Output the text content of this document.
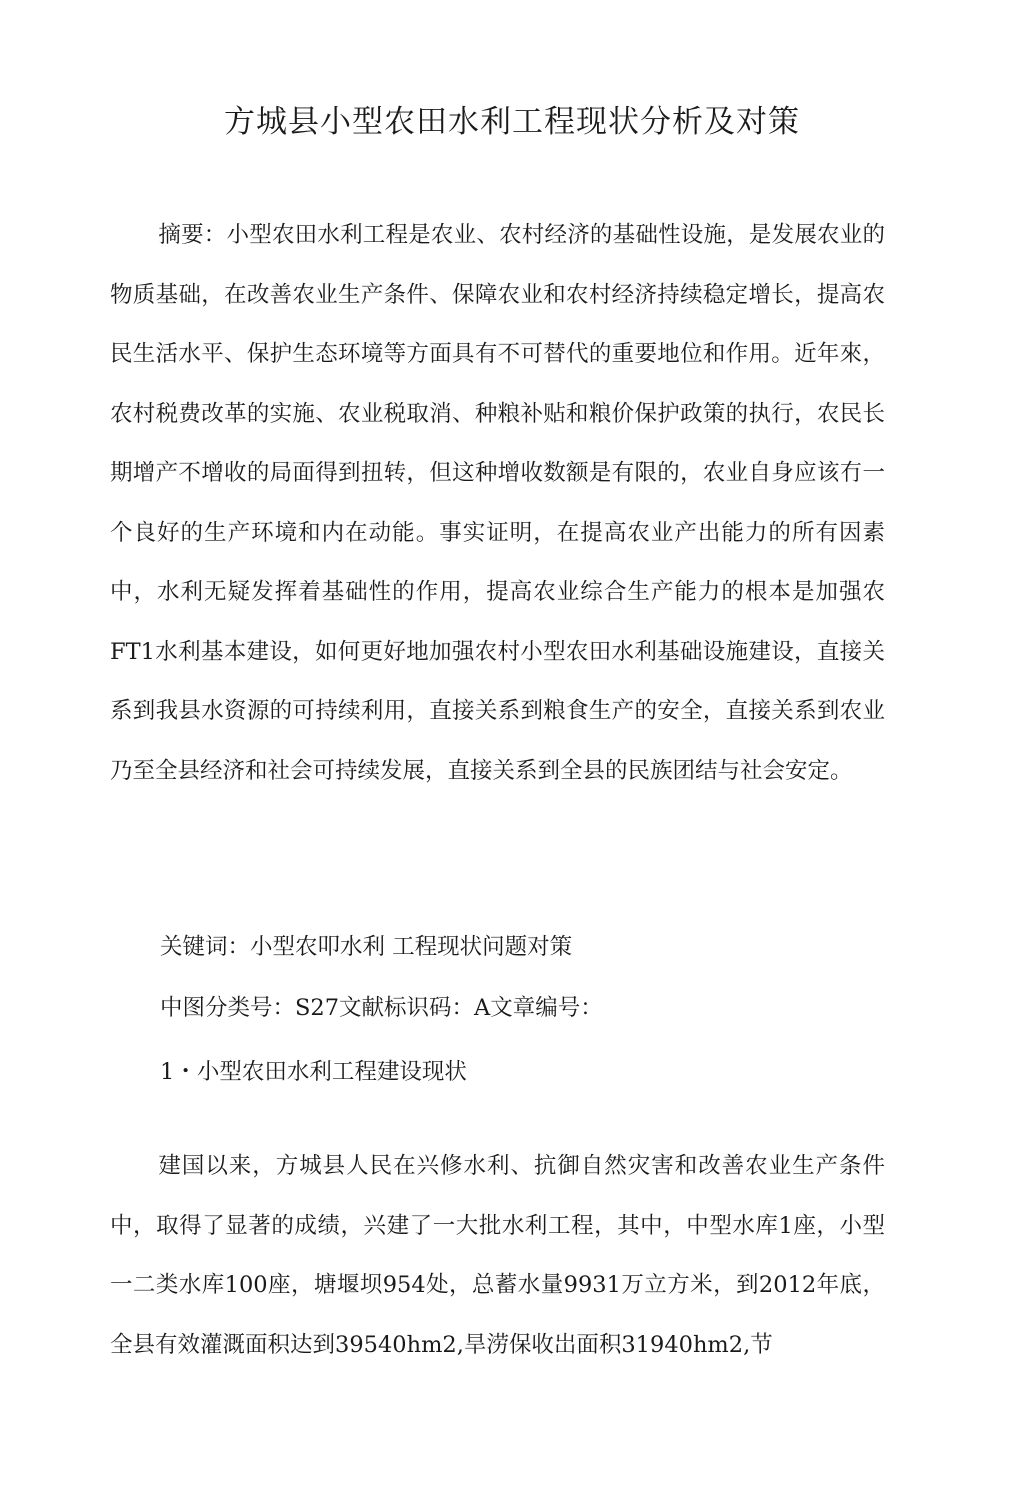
方城县小型农田水利工程现状分析及对策

摘要：小型农田水利工程是农业、农村经济的基础性设施，是发展农业的物质基础，在改善农业生产条件、保障农业和农村经济持续稳定增长，提高农民生活水平、保护生态环境等方面具有不可替代的重要地位和作用。近年來，农村税费改革的实施、农业税取消、种粮补贴和粮价保护政策的执行，农民长期增产不增收的局面得到扭转，但这种增收数额是有限的，农业自身应该冇一个良好的生产环境和内在动能。事实证明，在提高农业产出能力的所有因素中，水利无疑发挥着基础性的作用，提高农业综合生产能力的根本是加强农FT1水利基本建设，如何更好地加强农村小型农田水利基础设施建设，直接关系到我县水资源的可持续利用，直接关系到粮食生产的安全，直接关系到农业乃至全县经济和社会可持续发展，直接关系到全县的民族团结与社会安定。

关键词：小型农叩水利 工程现状问题对策

中图分类号：S27文献标识码：A文章编号：

1・小型农田水利工程建设现状

建国以来，方城县人民在兴修水利、抗御自然灾害和改善农业生产条件中，取得了显著的成绩，兴建了一大批水利工程，其中，中型水库1座，小型一二类水库100座，塘堰坝954处，总蓄水量9931万立方米，到2012年底，全县有效灌溉面积达到39540hm2,旱涝保收岀面积31940hm2,节
